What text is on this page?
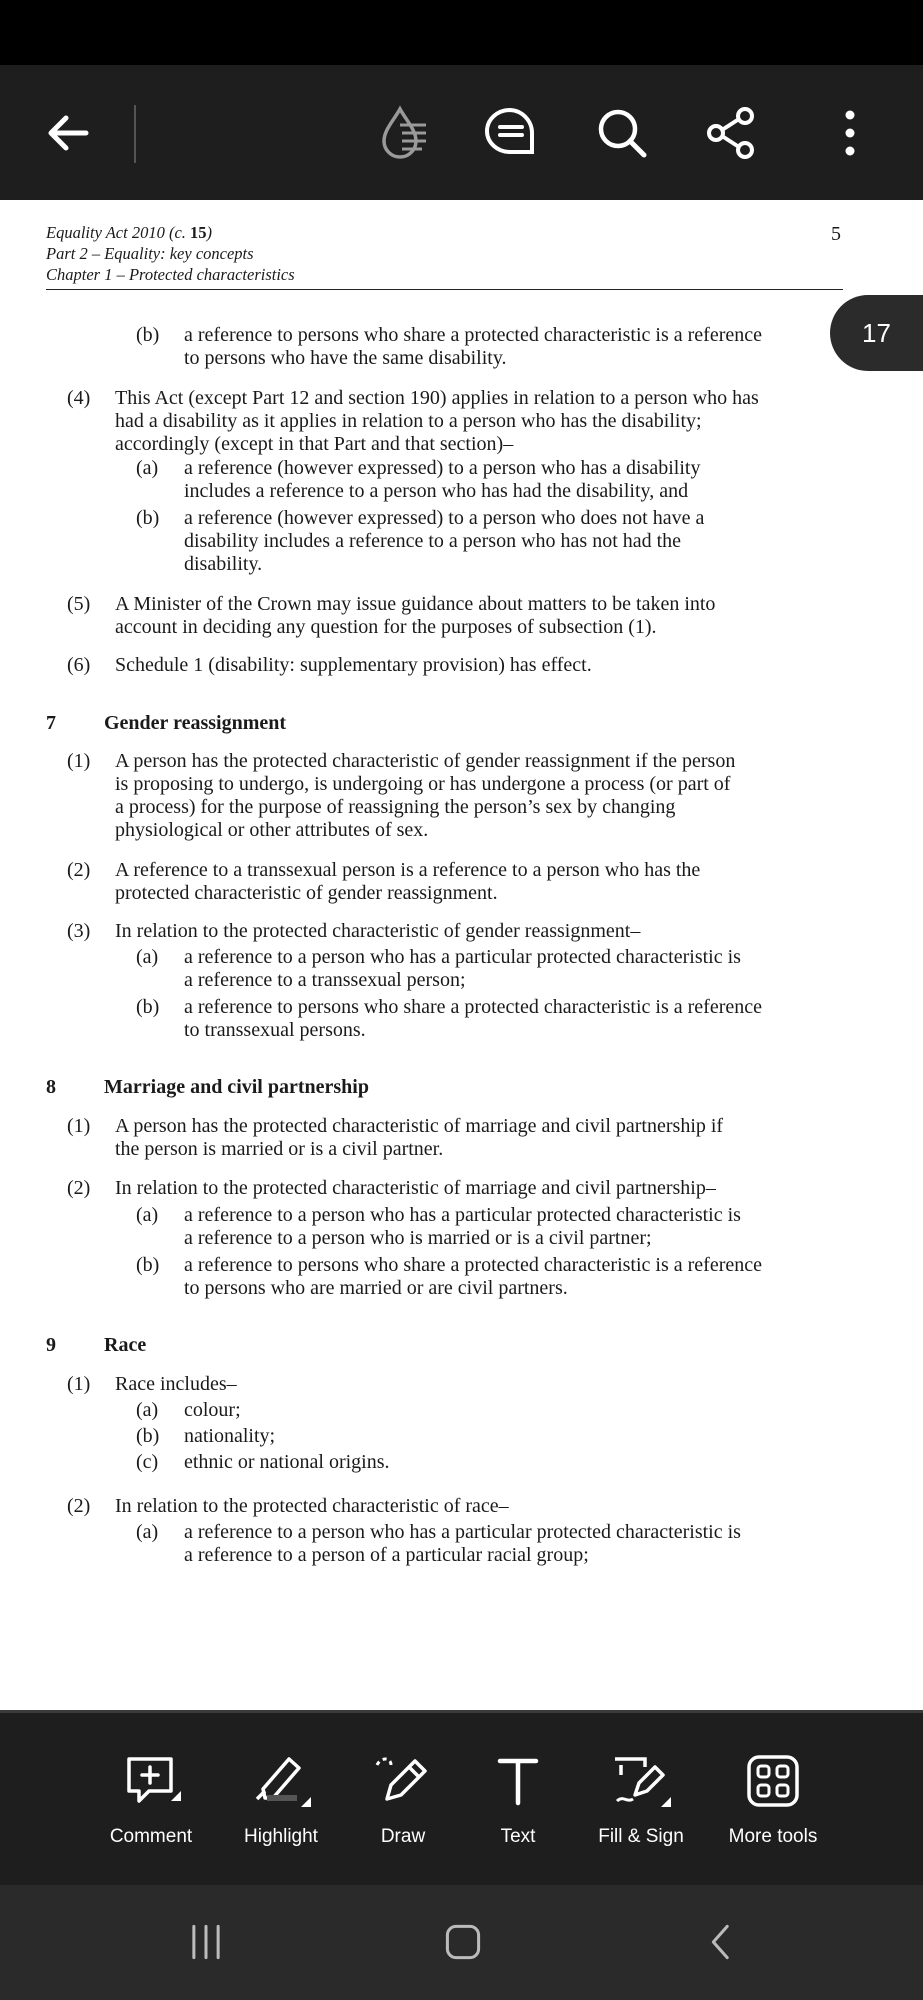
Equality Act 2010 (c. 15)
Part 2 – Equality: key concepts
Chapter 1 – Protected characteristics
5
(b) a reference to persons who share a protected characteristic is a reference
to persons who have the same disability.
(4) This Act (except Part 12 and section 190) applies in relation to a person who has
had a disability as it applies in relation to a person who has the disability;
accordingly (except in that Part and that section)–
(a) a reference (however expressed) to a person who has a disability
includes a reference to a person who has had the disability, and
(b) a reference (however expressed) to a person who does not have a
disability includes a reference to a person who has not had the
disability.
(5) A Minister of the Crown may issue guidance about matters to be taken into
account in deciding any question for the purposes of subsection (1).
(6) Schedule 1 (disability: supplementary provision) has effect.
7 Gender reassignment
(1) A person has the protected characteristic of gender reassignment if the person
is proposing to undergo, is undergoing or has undergone a process (or part of
a process) for the purpose of reassigning the person’s sex by changing
physiological or other attributes of sex.
(2) A reference to a transsexual person is a reference to a person who has the
protected characteristic of gender reassignment.
(3) In relation to the protected characteristic of gender reassignment–
(a) a reference to a person who has a particular protected characteristic is
a reference to a transsexual person;
(b) a reference to persons who share a protected characteristic is a reference
to transsexual persons.
8 Marriage and civil partnership
(1) A person has the protected characteristic of marriage and civil partnership if
the person is married or is a civil partner.
(2) In relation to the protected characteristic of marriage and civil partnership–
(a) a reference to a person who has a particular protected characteristic is
a reference to a person who is married or is a civil partner;
(b) a reference to persons who share a protected characteristic is a reference
to persons who are married or are civil partners.
9 Race
(1) Race includes–
(a) colour;
(b) nationality;
(c) ethnic or national origins.
(2) In relation to the protected characteristic of race–
(a) a reference to a person who has a particular protected characteristic is
a reference to a person of a particular racial group;
17
Comment	Highlight	Draw	Text	Fill & Sign	More tools
